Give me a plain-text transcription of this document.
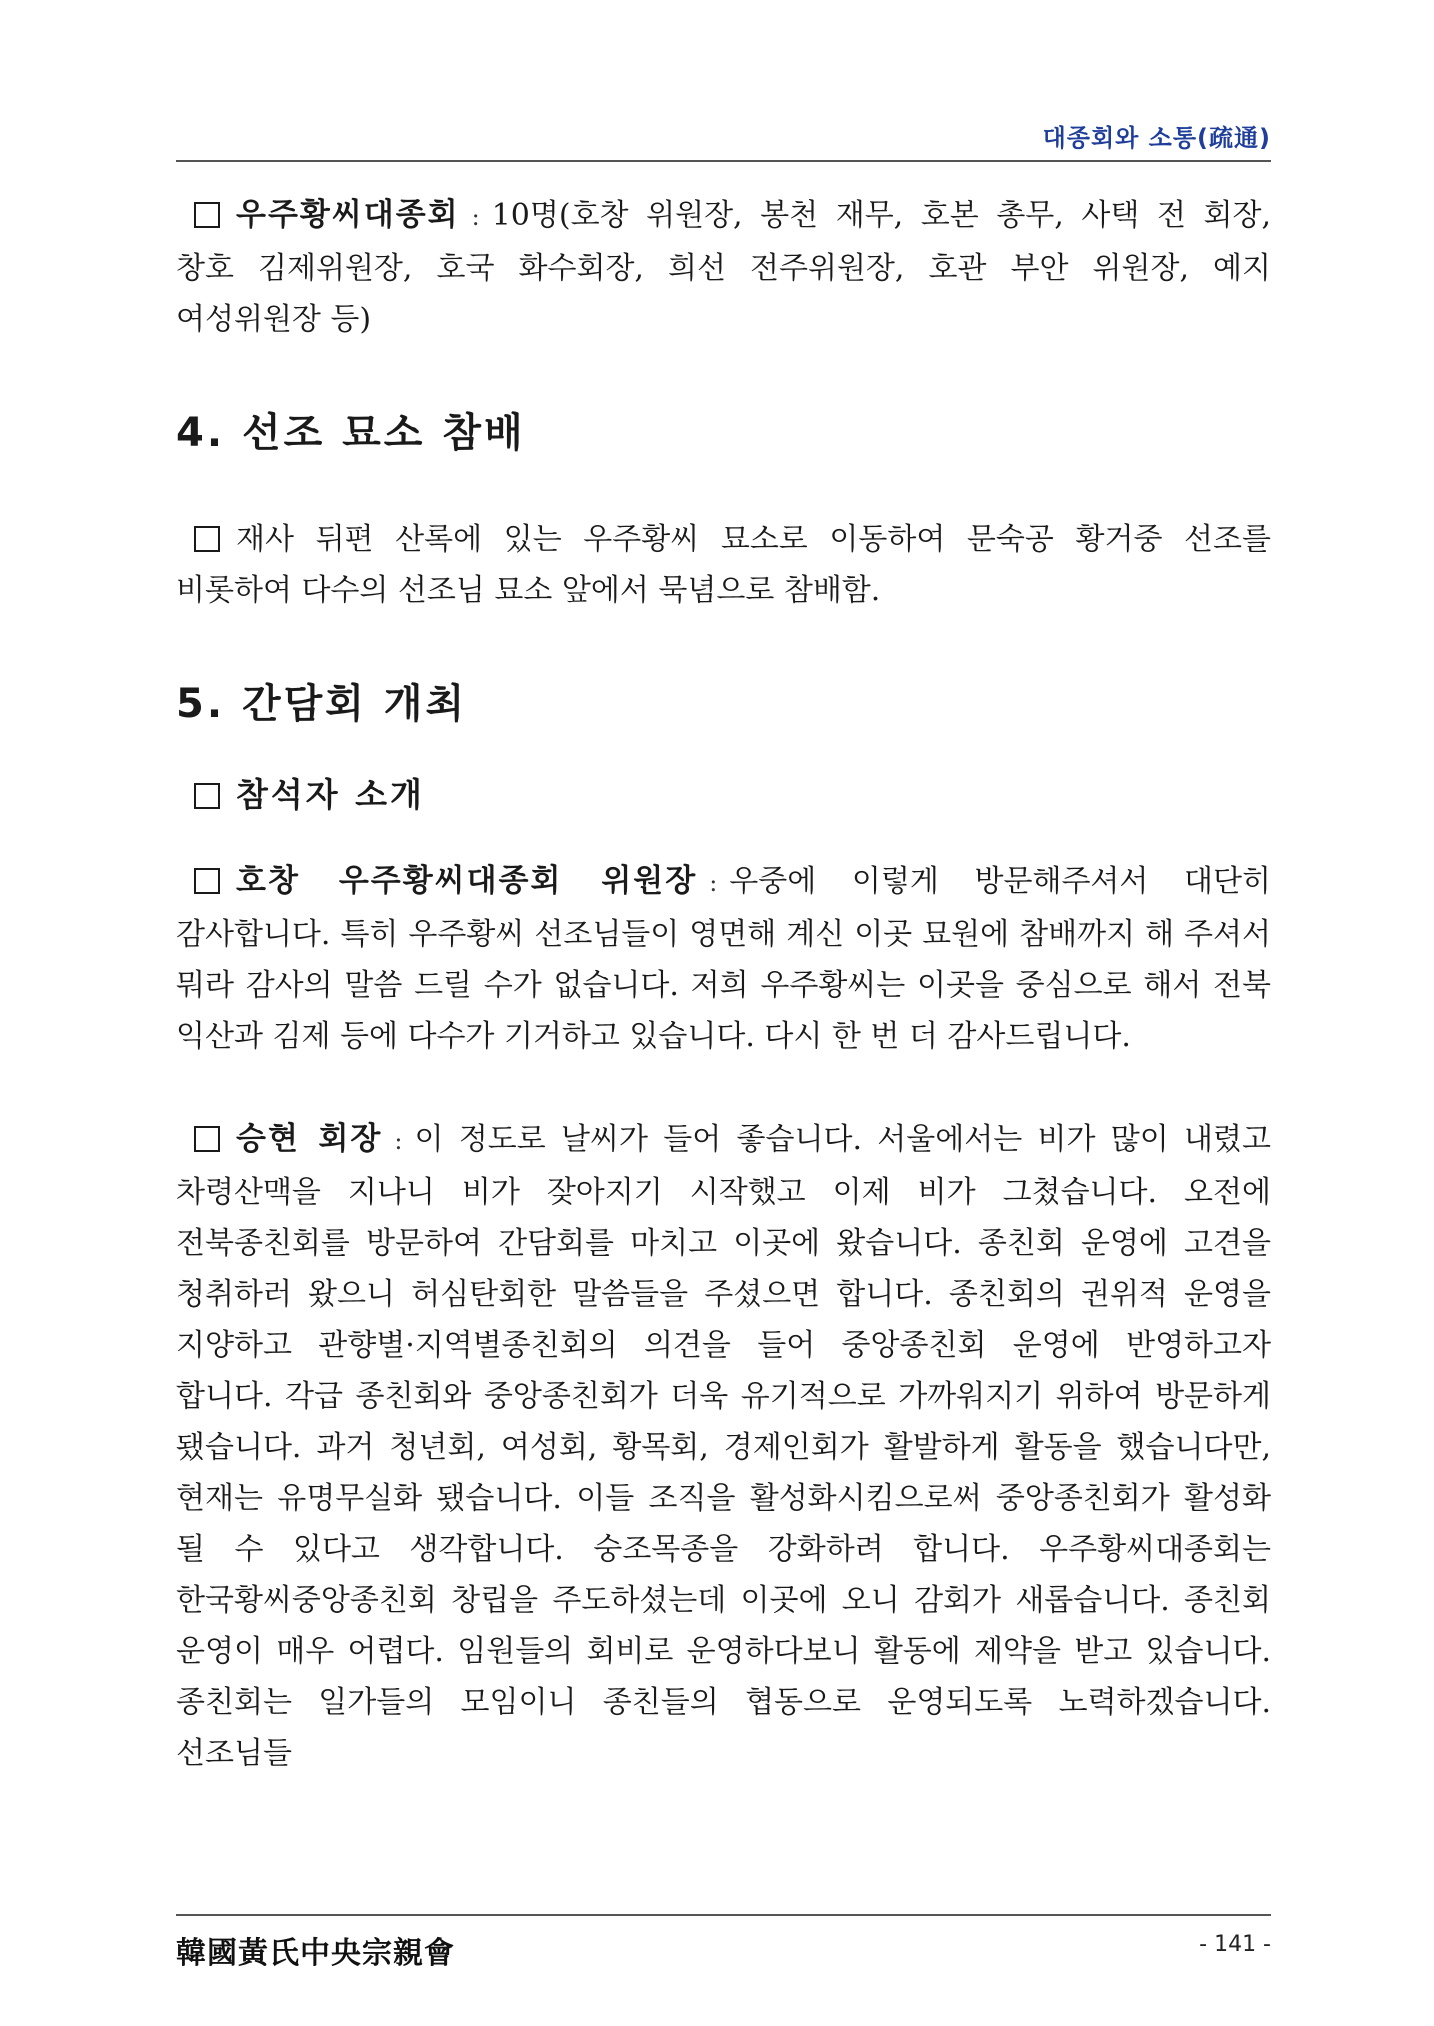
대종회와 소통(疏通)

우주황씨대종회 : 10명(호창 위원장, 봉천 재무, 호본 총무, 사택 전 회장, 창호 김제위원장, 호국 화수회장, 희선 전주위원장, 호관 부안 위원장, 예지 여성위원장 등)

4. 선조 묘소 참배

재사 뒤편 산록에 있는 우주황씨 묘소로 이동하여 문숙공 황거중 선조를 비롯하여 다수의 선조님 묘소 앞에서 묵념으로 참배함.

5. 간담회 개최

참석자 소개

호창 우주황씨대종회 위원장 : 우중에 이렇게 방문해주셔서 대단히 감사합니다. 특히 우주황씨 선조님들이 영면해 계신 이곳 묘원에 참배까지 해 주셔서 뭐라 감사의 말씀 드릴 수가 없습니다. 저희 우주황씨는 이곳을 중심으로 해서 전북 익산과 김제 등에 다수가 기거하고 있습니다. 다시 한 번 더 감사드립니다.

승현 회장 : 이 정도로 날씨가 들어 좋습니다. 서울에서는 비가 많이 내렸고 차령산맥을 지나니 비가 잦아지기 시작했고 이제 비가 그쳤습니다. 오전에 전북종친회를 방문하여 간담회를 마치고 이곳에 왔습니다. 종친회 운영에 고견을 청취하러 왔으니 허심탄회한 말씀들을 주셨으면 합니다. 종친회의 권위적 운영을 지양하고 관향별·지역별종친회의 의견을 들어 중앙종친회 운영에 반영하고자 합니다. 각급 종친회와 중앙종친회가 더욱 유기적으로 가까워지기 위하여 방문하게 됐습니다. 과거 청년회, 여성회, 황목회, 경제인회가 활발하게 활동을 했습니다만, 현재는 유명무실화 됐습니다. 이들 조직을 활성화시킴으로써 중앙종친회가 활성화 될 수 있다고 생각합니다. 숭조목종을 강화하려 합니다. 우주황씨대종회는 한국황씨중앙종친회 창립을 주도하셨는데 이곳에 오니 감회가 새롭습니다. 종친회 운영이 매우 어렵다. 임원들의 회비로 운영하다보니 활동에 제약을 받고 있습니다. 종친회는 일가들의 모임이니 종친들의 협동으로 운영되도록 노력하겠습니다. 선조님들

韓國黃氏中央宗親會	- 141 -
